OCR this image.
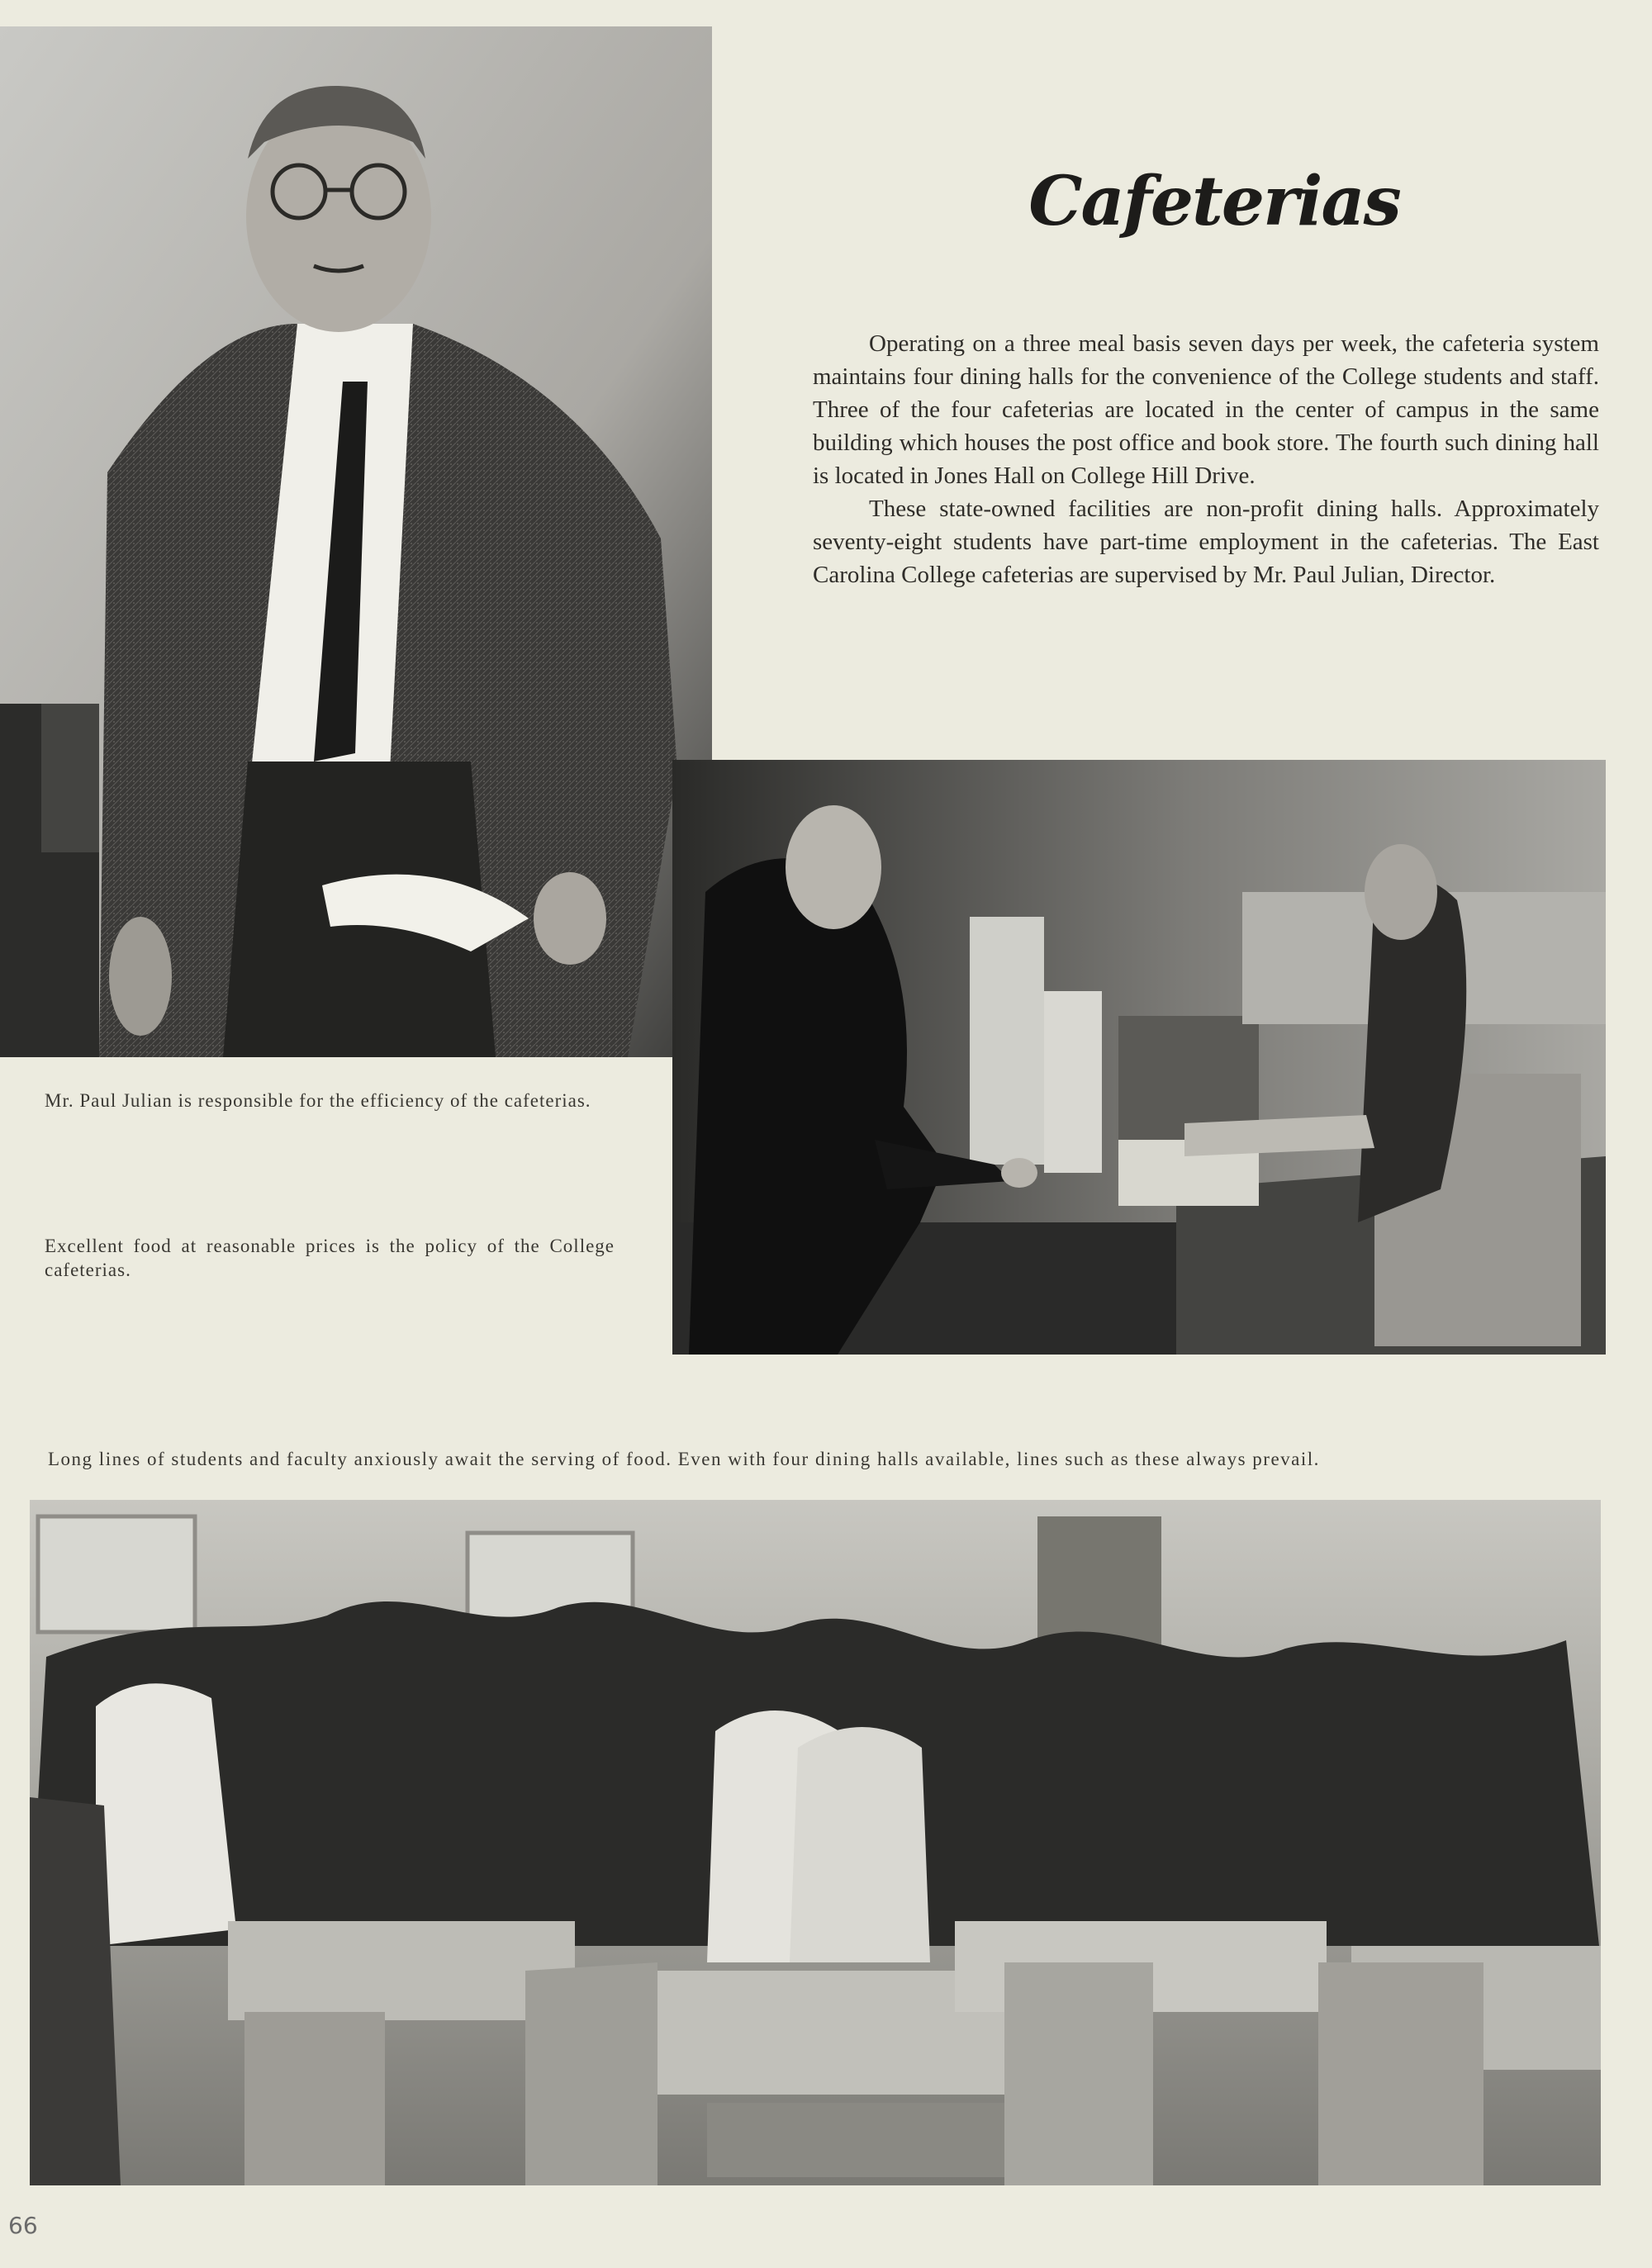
Cafeterias

Operating on a three meal basis seven days per week, the cafeteria system maintains four dining halls for the convenience of the College students and staff. Three of the four cafeterias are located in the center of campus in the same building which houses the post office and book store. The fourth such dining hall is located in Jones Hall on College Hill Drive.

These state-owned facilities are non-profit dining halls. Approximately seventy-eight students have part-time employment in the cafeterias. The East Carolina College cafeterias are supervised by Mr. Paul Julian, Director.

Mr. Paul Julian is responsible for the efficiency of the cafeterias.
Excellent food at reasonable prices is the policy of the College cafeterias.
Long lines of students and faculty anxiously await the serving of food. Even with four dining halls available, lines such as these always prevail.
66
